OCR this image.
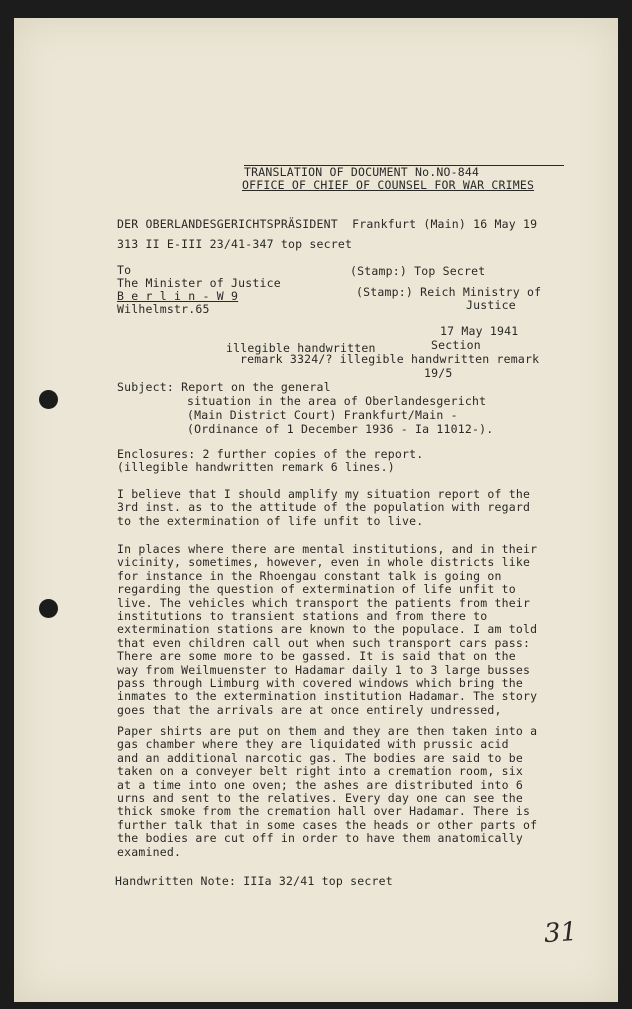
TRANSLATION OF DOCUMENT No.NO-844
OFFICE OF CHIEF OF COUNSEL FOR WAR CRIMES
DER OBERLANDESGERICHTSPRÄSIDENT  Frankfurt (Main) 16 May 19
313 II E-III 23/41-347 top secret
To
The Minister of Justice
B e r l i n - W 9
Wilhelmstr.65
(Stamp:) Top Secret
(Stamp:) Reich Ministry of
Justice
17 May 1941
illegible handwritten	Section
remark 3324/? illegible handwritten remark
19/5
Subject: Report on the general
situation in the area of Oberlandesgericht
(Main District Court) Frankfurt/Main -
(Ordinance of 1 December 1936 - Ia 11012-).
Enclosures: 2 further copies of the report.
(illegible handwritten remark 6 lines.)
I believe that I should amplify my situation report of the
3rd inst. as to the attitude of the population with regard
to the extermination of life unfit to live.
In places where there are mental institutions, and in their
vicinity, sometimes, however, even in whole districts like
for instance in the Rhoengau constant talk is going on
regarding the question of extermination of life unfit to
live. The vehicles which transport the patients from their
institutions to transient stations and from there to
extermination stations are known to the populace. I am told
that even children call out when such transport cars pass:
There are some more to be gassed. It is said that on the
way from Weilmuenster to Hadamar daily 1 to 3 large busses
pass through Limburg with covered windows which bring the
inmates to the extermination institution Hadamar. The story
goes that the arrivals are at once entirely undressed,
Paper shirts are put on them and they are then taken into a
gas chamber where they are liquidated with prussic acid
and an additional narcotic gas. The bodies are said to be
taken on a conveyer belt right into a cremation room, six
at a time into one oven; the ashes are distributed into 6
urns and sent to the relatives. Every day one can see the
thick smoke from the cremation hall over Hadamar. There is
further talk that in some cases the heads or other parts of
the bodies are cut off in order to have them anatomically
examined.
Handwritten Note: IIIa 32/41 top secret
31
